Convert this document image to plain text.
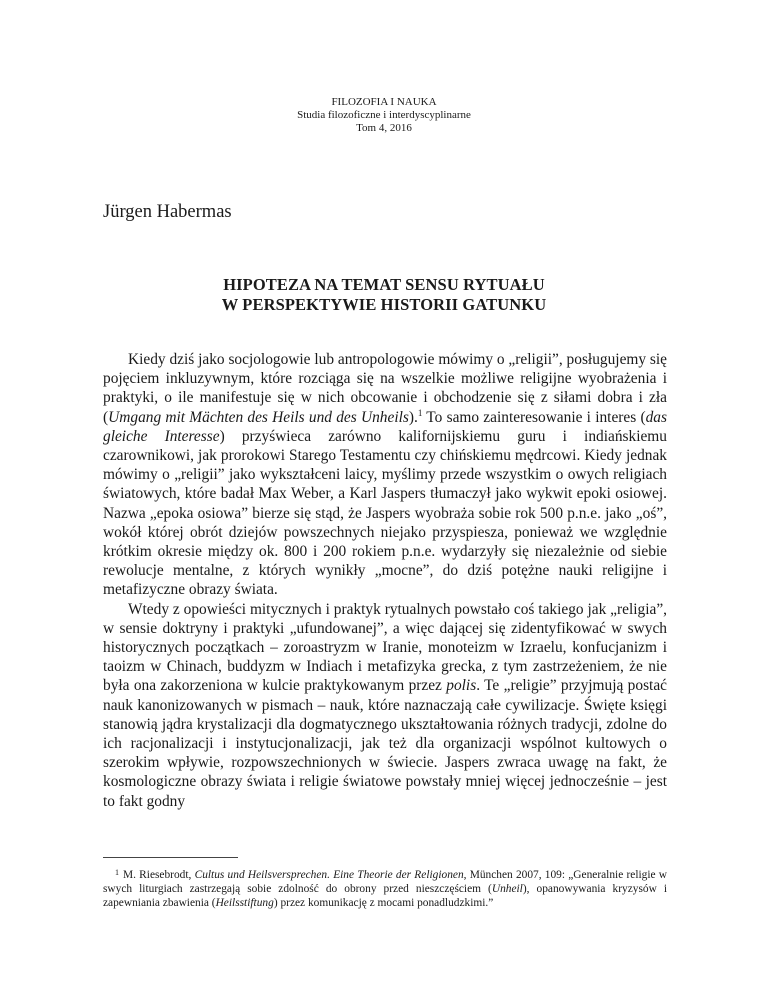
FILOZOFIA I NAUKA
Studia filozoficzne i interdyscyplinarne
Tom 4, 2016
Jürgen Habermas
HIPOTEZA NA TEMAT SENSU RYTUAŁU
W PERSPEKTYWIE HISTORII GATUNKU

Kiedy dziś jako socjologowie lub antropologowie mówimy o „religii”, posługujemy się pojęciem inkluzywnym, które rozciąga się na wszelkie możliwe religijne wyobrażenia i praktyki, o ile manifestuje się w nich obcowanie i obchodzenie się z siłami dobra i zła (Umgang mit Mächten des Heils und des Unheils).$^1$ To samo zainteresowanie i interes (das gleiche Interesse) przyświeca zarówno kalifornijskiemu guru i indiańskiemu czarownikowi, jak prorokowi Starego Testamentu czy chińskiemu mędrcowi. Kiedy jednak mówimy o „religii” jako wykształceni laicy, myślimy przede wszystkim o owych religiach światowych, które badał Max Weber, a Karl Jaspers tłumaczył jako wykwit epoki osiowej. Nazwa „epoka osiowa” bierze się stąd, że Jaspers wyobraża sobie rok 500 p.n.e. jako „oś”, wokół której obrót dziejów powszechnych niejako przyspiesza, ponieważ we względnie krótkim okresie między ok. 800 i 200 rokiem p.n.e. wydarzyły się niezależnie od siebie rewolucje mentalne, z których wynikły „mocne”, do dziś potężne nauki religijne i metafizyczne obrazy świata.

Wtedy z opowieści mitycznych i praktyk rytualnych powstało coś takiego jak „religia”, w sensie doktryny i praktyki „ufundowanej”, a więc dającej się zidentyfikować w swych historycznych początkach – zoroastryzm w Iranie, monoteizm w Izraelu, konfucjanizm i taoizm w Chinach, buddyzm w Indiach i metafizyka grecka, z tym zastrzeżeniem, że nie była ona zakorzeniona w kulcie praktykowanym przez polis. Te „religie” przyjmują postać nauk kanonizowanych w pismach – nauk, które naznaczają całe cywilizacje. Święte księgi stanowią jądra krystalizacji dla dogmatycznego ukształtowania różnych tradycji, zdolne do ich racjonalizacji i instytucjonalizacji, jak też dla organizacji wspólnot kultowych o szerokim wpływie, rozpowszechnionych w świecie. Jaspers zwraca uwagę na fakt, że kosmologiczne obrazy świata i religie światowe powstały mniej więcej jednocześnie – jest to fakt godny

$^1$ M. Riesebrodt, Cultus und Heilsversprechen. Eine Theorie der Religionen, München 2007, 109: „Generalnie religie w swych liturgiach zastrzegają sobie zdolność do obrony przed nieszczęściem (Unheil), opanowywania kryzysów i zapewniania zbawienia (Heilsstiftung) przez komunikację z mocami ponadludzkimi.”
